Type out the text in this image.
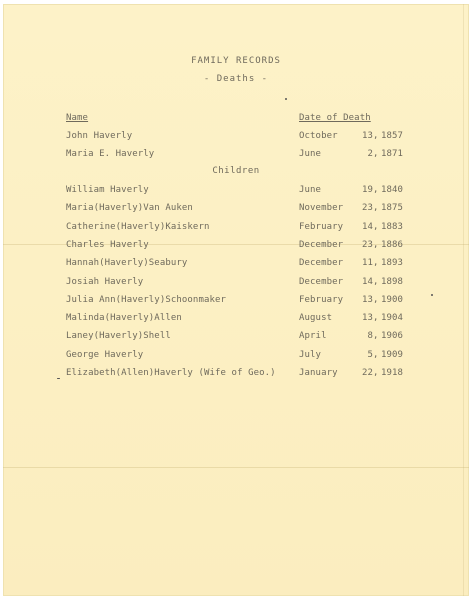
FAMILY RECORDS
- Deaths -
Name	Date of Death
John Haverly	October	13 , 1857
Maria E. Haverly	June	2 , 1871
Children
William Haverly	June	19 , 1840
Maria(Haverly)Van Auken	November	23 , 1875
Catherine(Haverly)Kaiskern	February	14 , 1883
Charles Haverly	December	23 , 1886
Hannah(Haverly)Seabury	December	11 , 1893
Josiah Haverly	December	14 , 1898
Julia Ann(Haverly)Schoonmaker	February	13 , 1900
Malinda(Haverly)Allen	August	13 , 1904
Laney(Haverly)Shell	April	8 , 1906
George Haverly	July	5 , 1909
Elizabeth(Allen)Haverly (Wife of Geo.)	January	22 , 1918
